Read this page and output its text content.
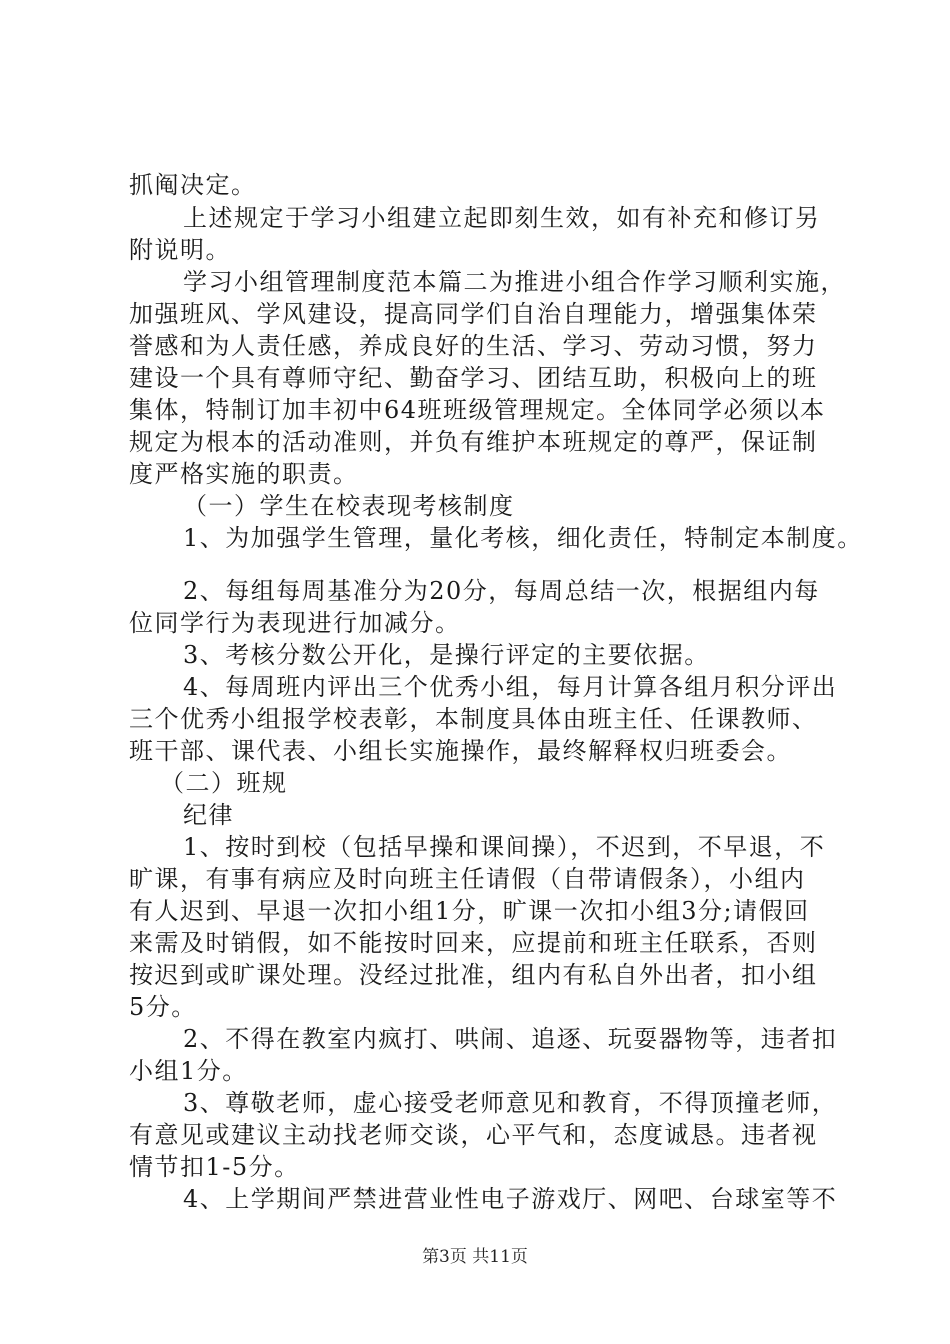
抓阄决定。
上述规定于学习小组建立起即刻生效，如有补充和修订另
附说明。
学习小组管理制度范本篇二为推进小组合作学习顺利实施，
加强班风、学风建设，提高同学们自治自理能力，增强集体荣
誉感和为人责任感，养成良好的生活、学习、劳动习惯，努力
建设一个具有尊师守纪、勤奋学习、团结互助，积极向上的班
集体，特制订加丰初中64班班级管理规定。全体同学必须以本
规定为根本的活动准则，并负有维护本班规定的尊严，保证制
度严格实施的职责。
（一）学生在校表现考核制度
1、为加强学生管理，量化考核，细化责任，特制定本制度。
2、每组每周基准分为20分，每周总结一次，根据组内每
位同学行为表现进行加减分。
3、考核分数公开化，是操行评定的主要依据。
4、每周班内评出三个优秀小组，每月计算各组月积分评出
三个优秀小组报学校表彰，本制度具体由班主任、任课教师、
班干部、课代表、小组长实施操作，最终解释权归班委会。
（二）班规
纪律
1、按时到校（包括早操和课间操），不迟到，不早退，不
旷课，有事有病应及时向班主任请假（自带请假条），小组内
有人迟到、早退一次扣小组1分，旷课一次扣小组3分;请假回
来需及时销假，如不能按时回来，应提前和班主任联系，否则
按迟到或旷课处理。没经过批准，组内有私自外出者，扣小组
5分。
2、不得在教室内疯打、哄闹、追逐、玩耍器物等，违者扣
小组1分。
3、尊敬老师，虚心接受老师意见和教育，不得顶撞老师，
有意见或建议主动找老师交谈，心平气和，态度诚恳。违者视
情节扣1-5分。
4、上学期间严禁进营业性电子游戏厅、网吧、台球室等不
第3页 共11页
